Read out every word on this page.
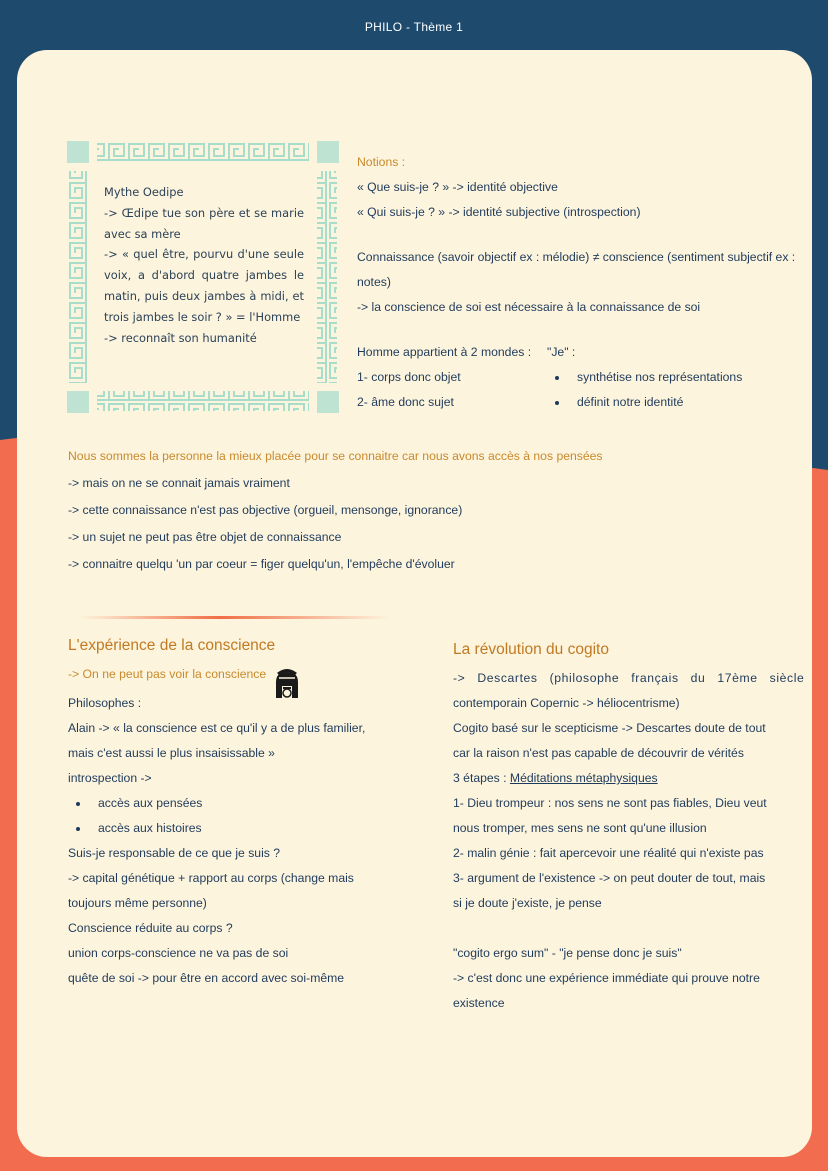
PHILO - Thème 1

Mythe Oedipe

-> Œdipe tue son père et se marie avec sa mère

-> « quel être, pourvu d'une seule voix, a d'abord quatre jambes le matin, puis deux jambes à midi, et trois jambes le soir ? » = l'Homme

-> reconnaît son humanité

Notions :

« Que suis-je ? » -> identité objective

« Qui suis-je ? » -> identité subjective (introspection)

Connaissance (savoir objectif ex : mélodie) ≠ conscience (sentiment subjectif ex :

notes)

-> la conscience de soi est nécessaire à la connaissance de soi

Homme appartient à 2 mondes :

1- corps donc objet

2- âme donc sujet

"Je" :

synthétise nos représentations

définit notre identité

Nous sommes la personne la mieux placée pour se connaitre car nous avons accès à nos pensées

-> mais on ne se connait jamais vraiment

-> cette connaissance n'est pas objective (orgueil, mensonge, ignorance)

-> un sujet ne peut pas être objet de connaissance

-> connaitre quelqu 'un par coeur = figer quelqu'un, l'empêche d'évoluer

L'expérience de la conscience

-> On ne peut pas voir la conscience

Philosophes :

Alain -> « la conscience est ce qu'il y a de plus familier,

mais c'est aussi le plus insaisissable »

introspection ->

accès aux pensées

accès aux histoires

Suis-je responsable de ce que je suis ?

-> capital génétique + rapport au corps (change mais

toujours même personne)

Conscience réduite au corps ?

union corps-conscience ne va pas de soi

quête de soi -> pour être en accord avec soi-même

La révolution du cogito

-> Descartes (philosophe français du 17ème siècle

contemporain Copernic -> héliocentrisme)

Cogito basé sur le scepticisme -> Descartes doute de tout

car la raison n'est pas capable de découvrir de vérités

3 étapes : Méditations métaphysiques

1- Dieu trompeur : nos sens ne sont pas fiables, Dieu veut

nous tromper, mes sens ne sont qu'une illusion

2- malin génie : fait apercevoir une réalité qui n'existe pas

3- argument de l'existence -> on peut douter de tout, mais

si je doute j'existe, je pense

"cogito ergo sum" - "je pense donc je suis"

-> c'est donc une expérience immédiate qui prouve notre

existence
